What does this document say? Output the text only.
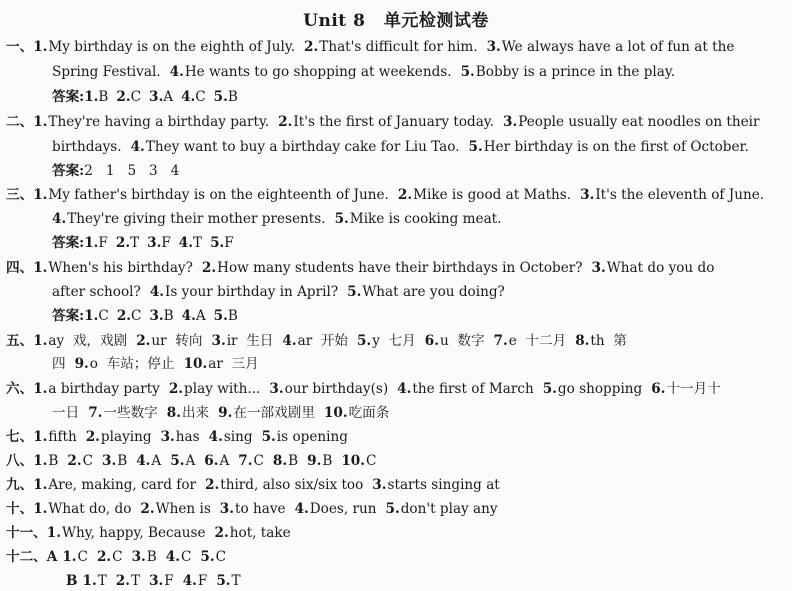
Unit 8 单元检测试卷
一、1.My birthday is on the eighth of July. 2.That's difficult for him. 3.We always have a lot of fun at the
Spring Festival. 4.He wants to go shopping at weekends. 5.Bobby is a prince in the play.
答案:1.B 2.C 3.A 4.C 5.B
二、1.They're having a birthday party. 2.It's the first of January today. 3.People usually eat noodles on their
birthdays. 4.They want to buy a birthday cake for Liu Tao. 5.Her birthday is on the first of October.
答案:2   1   5   3   4
三、1.My father's birthday is on the eighteenth of June. 2.Mike is good at Maths. 3.It's the eleventh of June.
4.They're giving their mother presents. 5.Mike is cooking meat.
答案:1.F 2.T 3.F 4.T 5.F
四、1.When's his birthday? 2.How many students have their birthdays in October? 3.What do you do
after school? 4.Is your birthday in April? 5.What are you doing?
答案:1.C 2.C 3.B 4.A 5.B
五、1.ay  戏，戏剧 2.ur  转向 3.ir  生日 4.ar  开始 5.y  七月 6.u  数字 7.e  十二月 8.th  第
四 9.o  车站；停止 10.ar  三月
六、1.a birthday party 2.play with... 3.our birthday(s) 4.the first of March 5.go shopping 6.十一月十
一日 7.一些数字 8.出来 9.在一部戏剧里 10.吃面条
七、1.fifth 2.playing 3.has 4.sing 5.is opening
八、1.B 2.C 3.B 4.A 5.A 6.A 7.C 8.B 9.B 10.C
九、1.Are, making, card for 2.third, also six/six too 3.starts singing at
十、1.What do, do 2.When is 3.to have 4.Does, run 5.don't play any
十一、1.Why, happy, Because 2.hot, take
十二、A 1.C 2.C 3.B 4.C 5.C
B 1.T 2.T 3.F 4.F 5.T
